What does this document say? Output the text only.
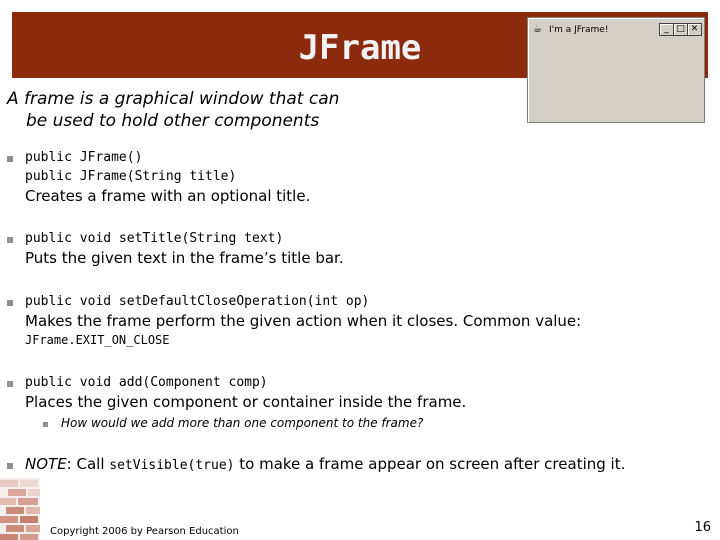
JFrame
A frame is a graphical window that can
be used to hold other components
☕ I'm a JFrame!	_ □ ✕
public JFrame()
public JFrame(String title)
Creates a frame with an optional title.
public void setTitle(String text)
Puts the given text in the frame’s title bar.
public void setDefaultCloseOperation(int op)
Makes the frame perform the given action when it closes. Common value:
JFrame.EXIT_ON_CLOSE
public void add(Component comp)
Places the given component or container inside the frame.
How would we add more than one component to the frame?
NOTE: Call setVisible(true) to make a frame appear on screen after creating it.
Copyright 2006 by Pearson Education	16
